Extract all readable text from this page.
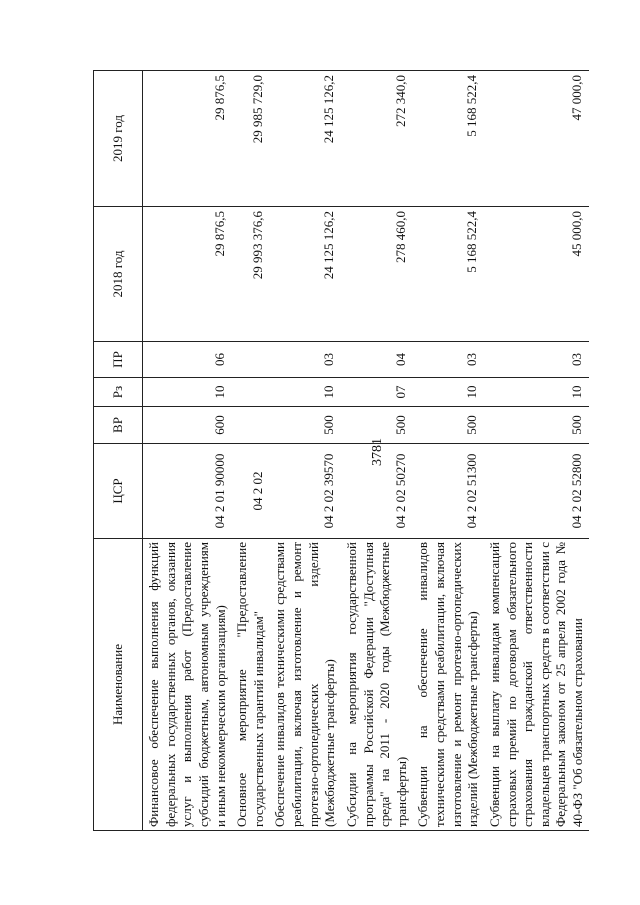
3781
Наименование	ЦСР	ВР	Рз	ПР	2018 год	2019 год
Финансовое обеспечение выполнения функций федеральных государственных органов, оказания услуг и выполнения работ (Предоставление субсидий бюджетным, автономным учреждениям и иным некоммерческим организациям)	04 2 01 90000	600	10	06	29 876,5	29 876,5
Основное мероприятие "Предоставление государственных гарантий инвалидам"	04 2 02				29 993 376,6	29 985 729,0
Обеспечение инвалидов техническими средствами реабилитации, включая изготовление и ремонт протезно-ортопедических изделий (Межбюджетные трансферты)	04 2 02 39570	500	10	03	24 125 126,2	24 125 126,2
Субсидии на мероприятия государственной программы Российской Федерации "Доступная среда" на 2011 - 2020 годы (Межбюджетные трансферты)	04 2 02 50270	500	07	04	278 460,0	272 340,0
Субвенции на обеспечение инвалидов техническими средствами реабилитации, включая изготовление и ремонт протезно-ортопедических изделий (Межбюджетные трансферты)	04 2 02 51300	500	10	03	5 168 522,4	5 168 522,4
Субвенции на выплату инвалидам компенсаций страховых премий по договорам обязательного страхования гражданской ответственности владельцев транспортных средств в соответствии с Федеральным законом от 25 апреля 2002 года № 40-ФЗ "Об обязательном страховании	04 2 02 52800	500	10	03	45 000,0	47 000,0
